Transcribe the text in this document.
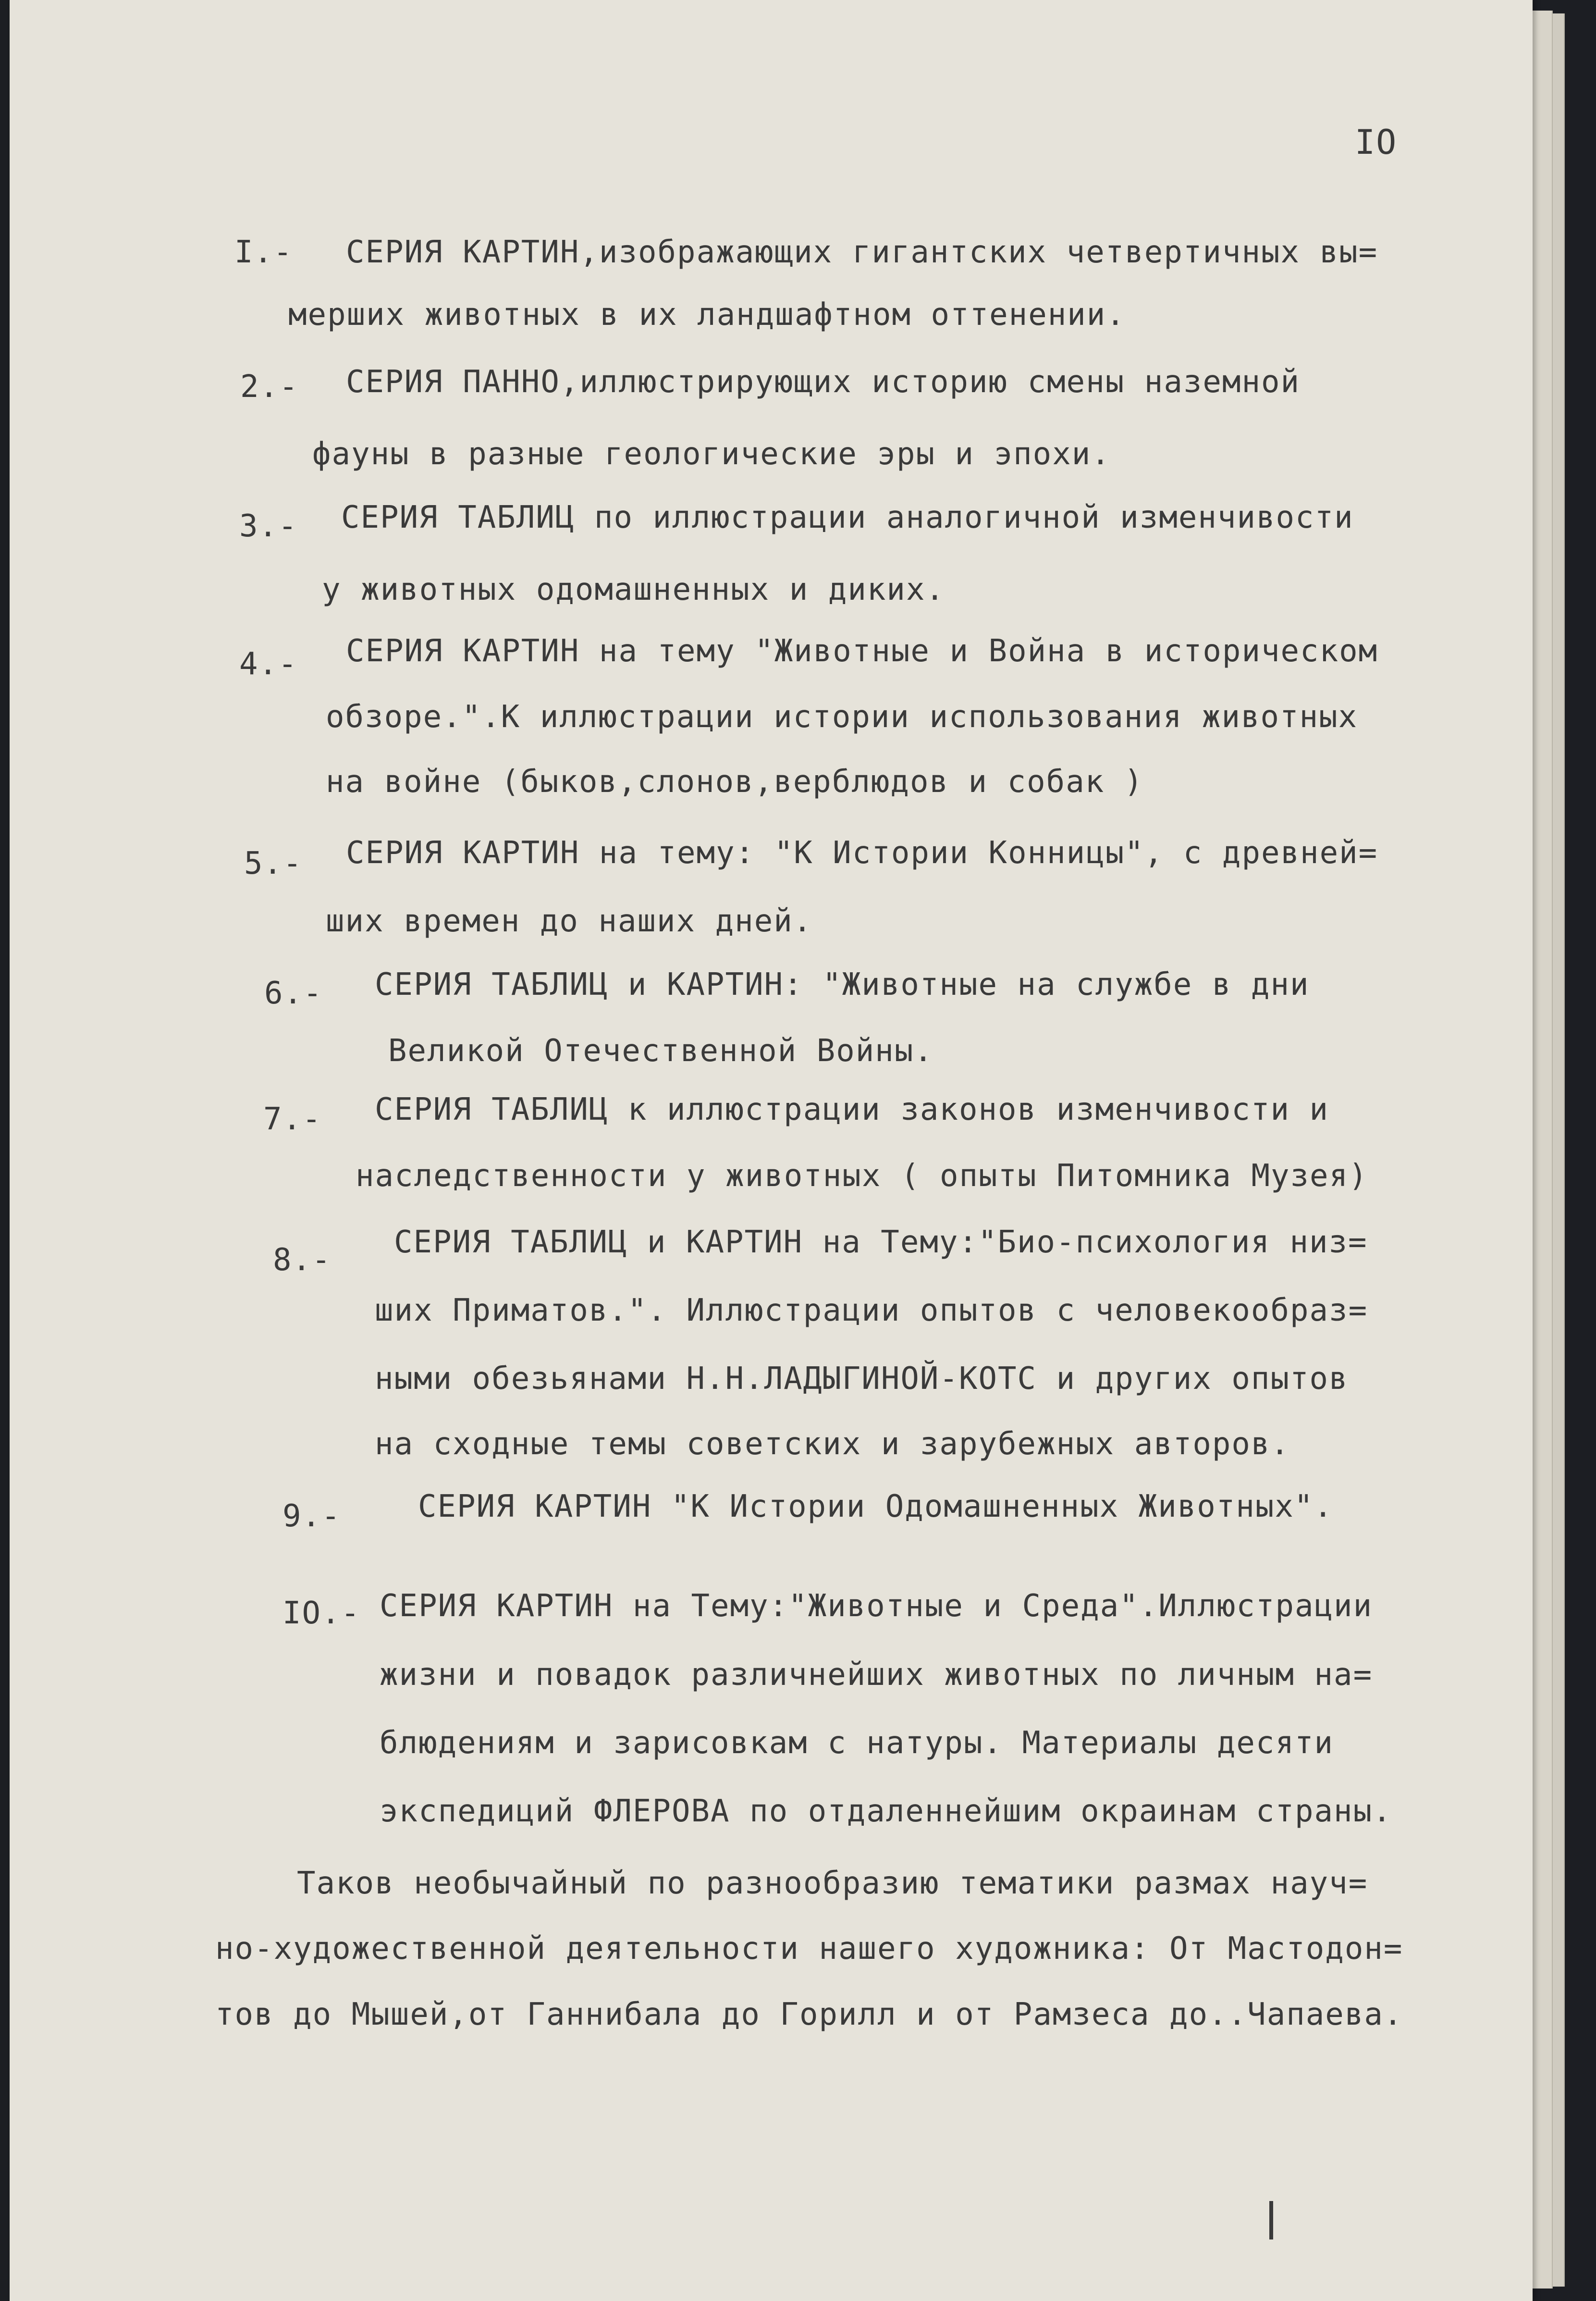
IO
I.- СЕРИЯ КАРТИН,изображающих гигантских четвертичных вы=
мерших животных в их ландшафтном оттенении.
2.- СЕРИЯ ПАННО,иллюстрирующих историю смены наземной
фауны в разные геологические эры и эпохи.
3.- СЕРИЯ ТАБЛИЦ по иллюстрации аналогичной изменчивости
у животных одомашненных и диких.
4.- СЕРИЯ КАРТИН на тему "Животные и Война в историческом
обзоре.".К иллюстрации истории использования животных
на войне (быков,слонов,верблюдов и собак )
5.- СЕРИЯ КАРТИН на тему: "К Истории Конницы", с древней=
ших времен до наших дней.
6.- СЕРИЯ ТАБЛИЦ и КАРТИН: "Животные на службе в дни
Великой Отечественной Войны.
7.- СЕРИЯ ТАБЛИЦ к иллюстрации законов изменчивости и
наследственности у животных ( опыты Питомника Музея)
8.- СЕРИЯ ТАБЛИЦ и КАРТИН на Тему:"Био-психология низ=
ших Приматов.". Иллюстрации опытов с человекообраз=
ными обезьянами Н.Н.ЛАДЫГИНОЙ-КОТС и других опытов
на сходные темы советских и зарубежных авторов.
9.-	СЕРИЯ КАРТИН "К Истории Одомашненных Животных".
IO.- СЕРИЯ КАРТИН на Тему:"Животные и Среда".Иллюстрации
жизни и повадок различнейших животных по личным на=
блюдениям и зарисовкам с натуры. Материалы десяти
экспедиций ФЛЕРОВА по отдаленнейшим окраинам страны.
Таков необычайный по разнообразию тематики размах науч=
но-художественной деятельности нашего художника: От Мастодон=
тов до Мышей,от Ганнибала до Горилл и от Рамзеса до..Чапаева.
